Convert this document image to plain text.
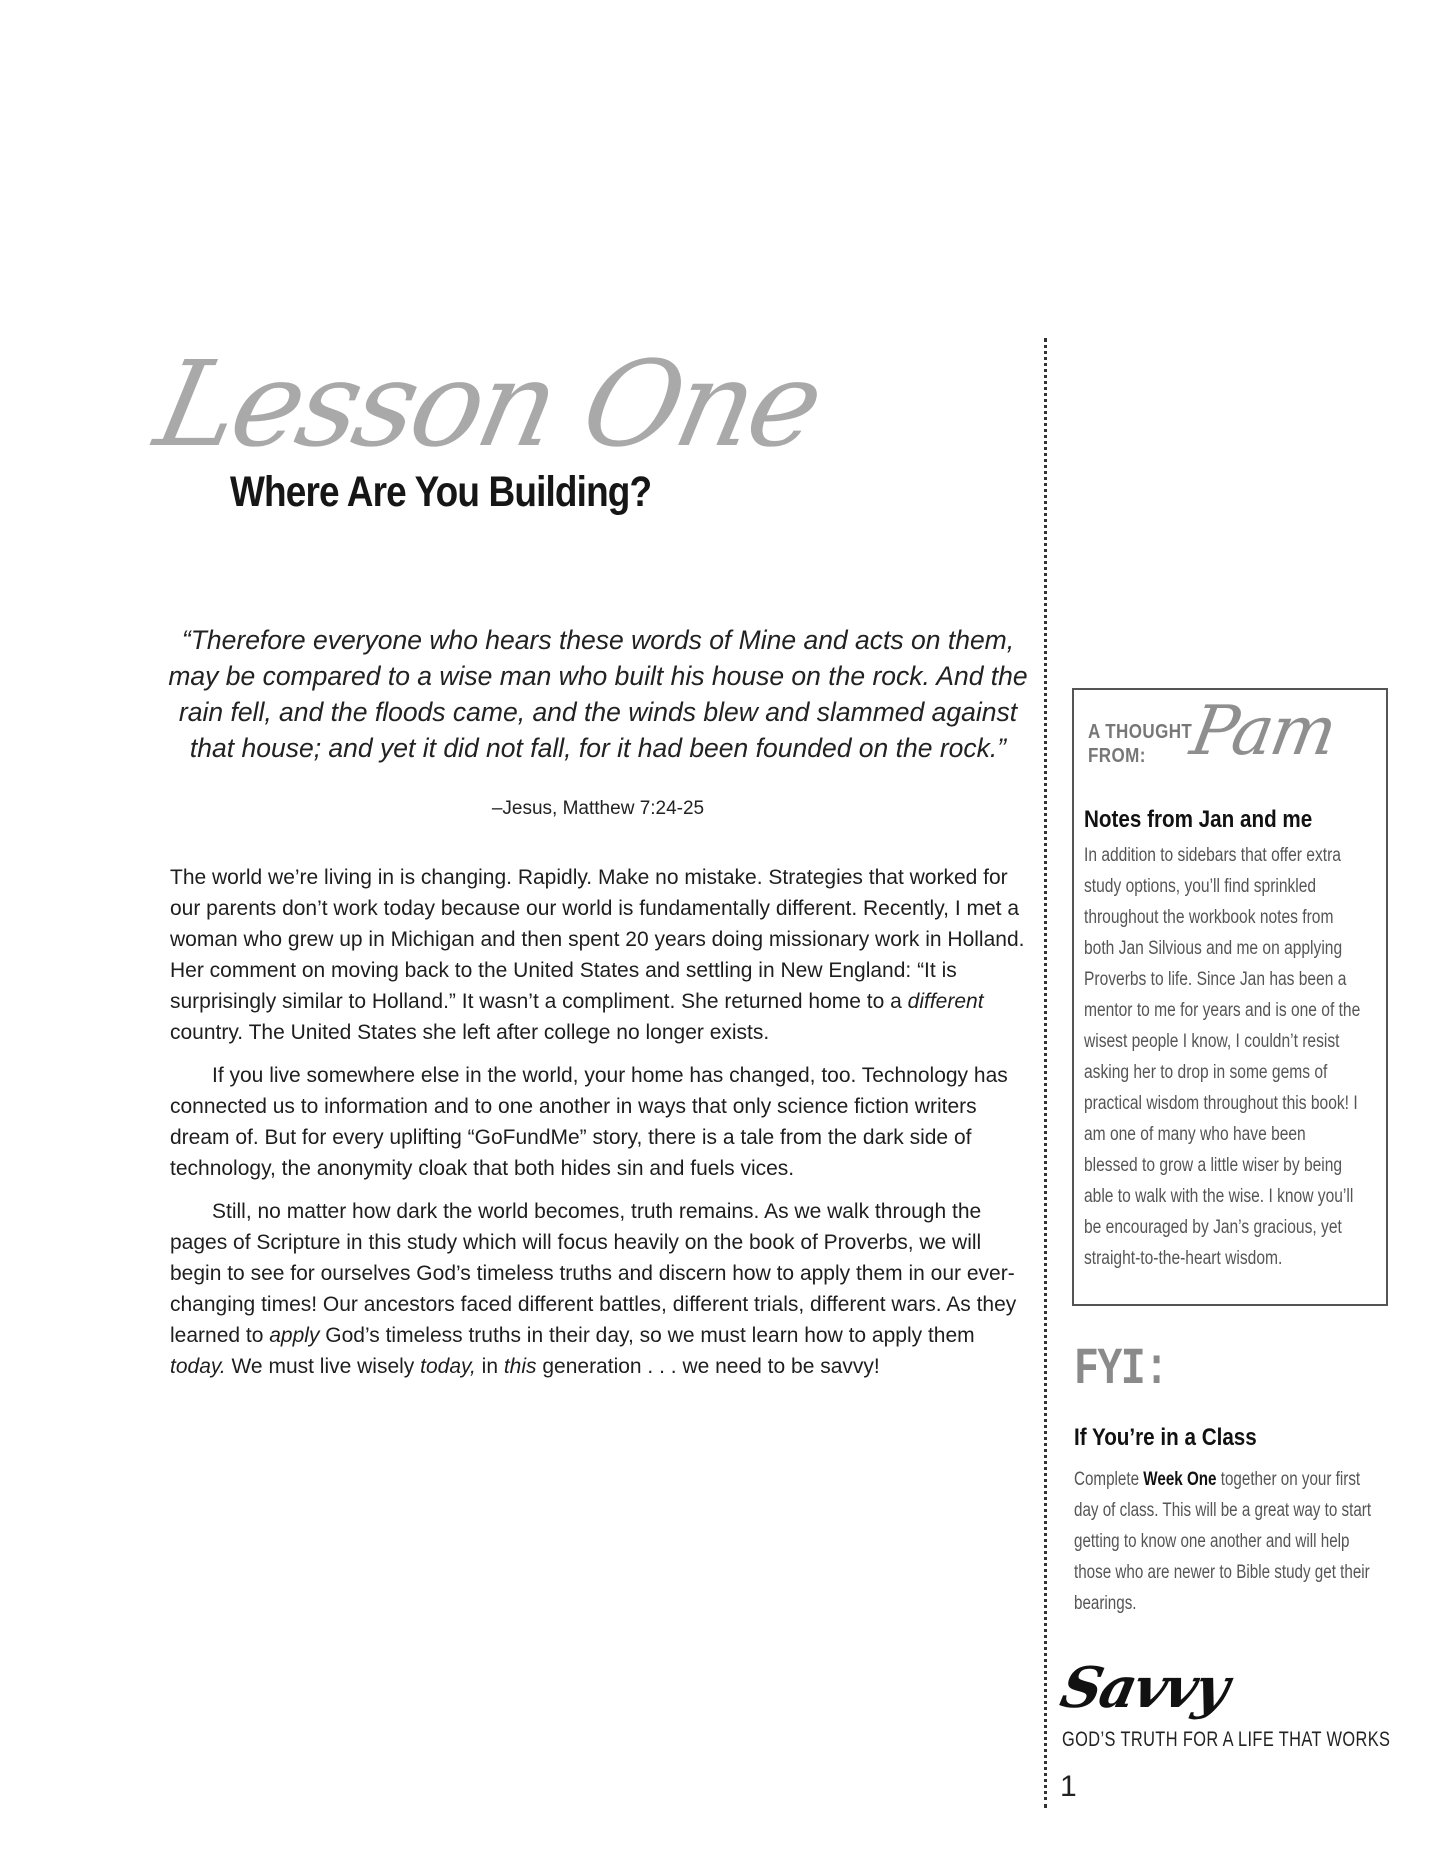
Lesson One
Where Are You Building?

“Therefore everyone who hears these words of Mine and acts on them, may be compared to a wise man who built his house on the rock. And the rain fell, and the floods came, and the winds blew and slammed against that house; and yet it did not fall, for it had been founded on the rock.”

–Jesus, Matthew 7:24-25

The world we’re living in is changing. Rapidly. Make no mistake. Strategies that worked for our parents don’t work today because our world is fundamentally different. Recently, I met a woman who grew up in Michigan and then spent 20 years doing missionary work in Holland. Her comment on moving back to the United States and settling in New England: “It is surprisingly similar to Holland.” It wasn’t a compliment. She returned home to a different country. The United States she left after college no longer exists.

If you live somewhere else in the world, your home has changed, too. Technology has connected us to information and to one another in ways that only science fiction writers dream of. But for every uplifting “GoFundMe” story, there is a tale from the dark side of technology, the anonymity cloak that both hides sin and fuels vices.

Still, no matter how dark the world becomes, truth remains. As we walk through the pages of Scripture in this study which will focus heavily on the book of Proverbs, we will begin to see for ourselves God’s timeless truths and discern how to apply them in our ever-changing times! Our ancestors faced different battles, different trials, different wars. As they learned to apply God’s timeless truths in their day, so we must learn how to apply them today. We must live wisely today, in this generation . . . we need to be savvy!

A THOUGHT
FROM: Pam
Notes from Jan and me
In addition to sidebars that offer extra study options, you’ll find sprinkled throughout the workbook notes from both Jan Silvious and me on applying Proverbs to life. Since Jan has been a mentor to me for years and is one of the wisest people I know, I couldn’t resist asking her to drop in some gems of practical wisdom throughout this book! I am one of many who have been blessed to grow a little wiser by being able to walk with the wise. I know you’ll be encouraged by Jan’s gracious, yet straight-to-the-heart wisdom.
FYI:
If You’re in a Class
Complete Week One together on your first day of class. This will be a great way to start getting to know one another and will help those who are newer to Bible study get their bearings.
Savvy
GOD’S TRUTH FOR A LIFE THAT WORKS
1
